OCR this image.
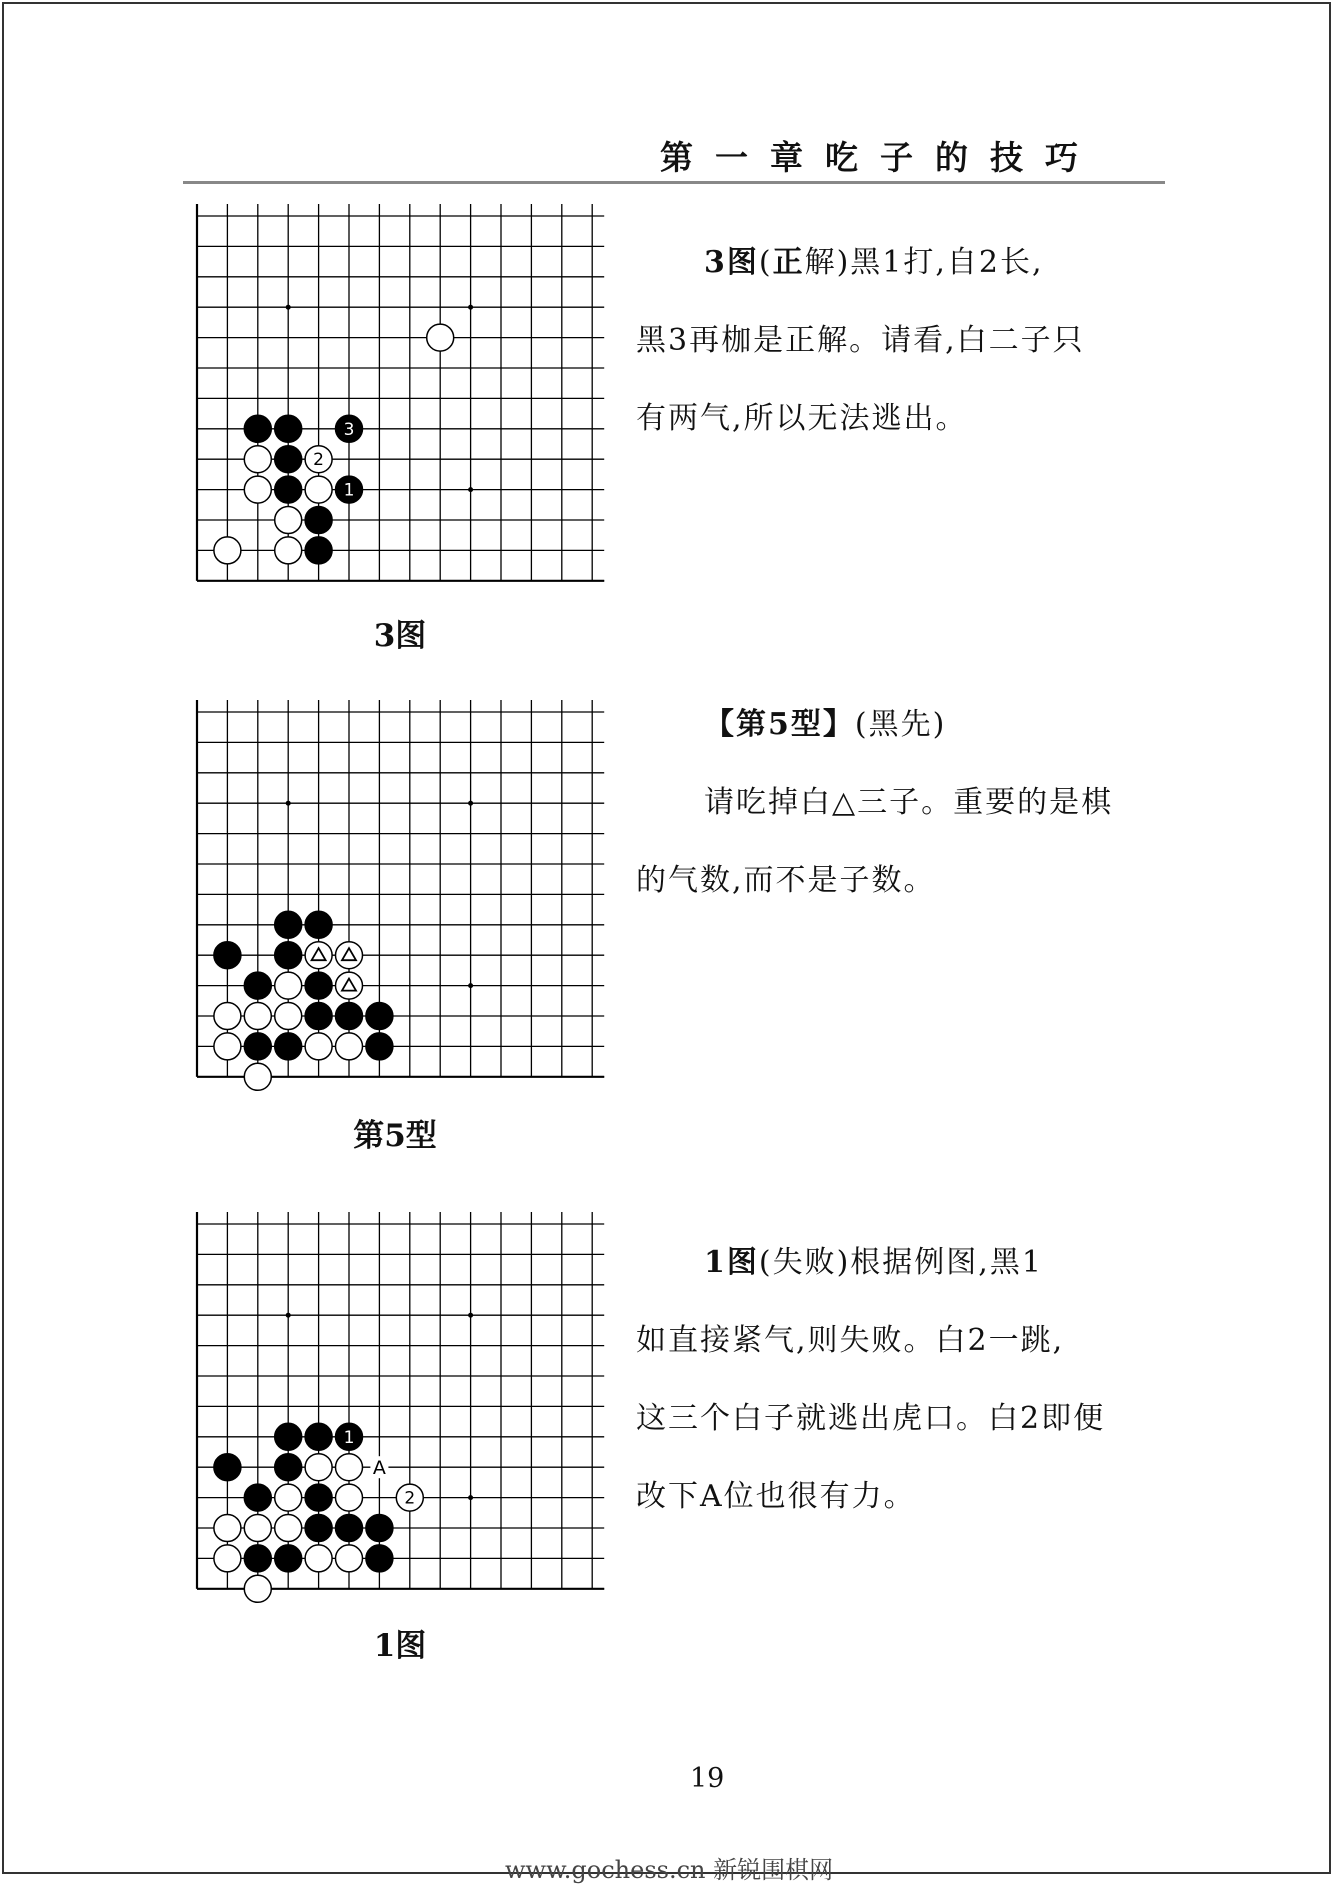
第一章吃子的技巧
3
2
1
3图
第5型
1
2
A
1图

3图(正解)黑1打,自2长,

黑3再枷是正解。请看,白二子只

有两气,所以无法逃出。

【第5型】(黑先)

请吃掉白△三子。重要的是棋

的气数,而不是子数。

1图(失败)根据例图,黑1

如直接紧气,则失败。白2一跳,

这三个白子就逃出虎口。白2即便

改下A位也很有力。

19
www.gochess.cn 新锐围棋网
